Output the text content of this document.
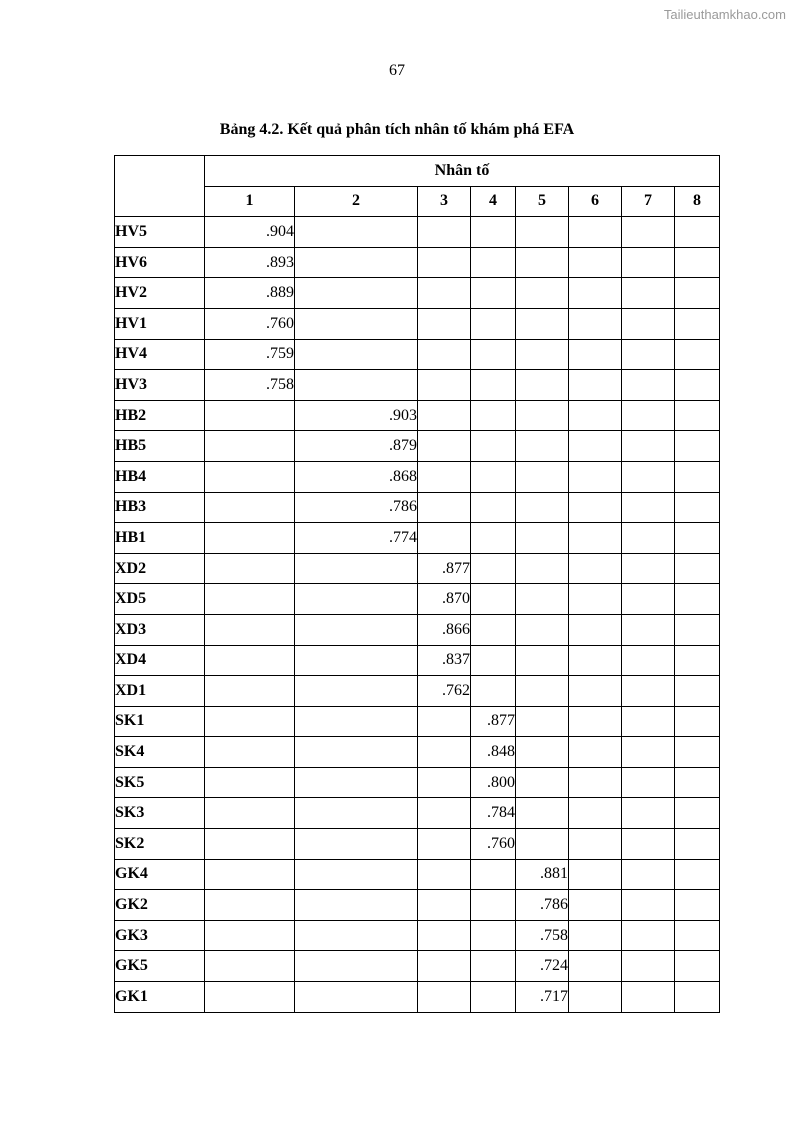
Tailieuthamkhao.com
67
Bảng 4.2. Kết quả phân tích nhân tố khám phá EFA
	Nhân tố							
	1	2	3	4	5	6	7	8
HV5	.904							
HV6	.893							
HV2	.889							
HV1	.760							
HV4	.759							
HV3	.758							
HB2		.903						
HB5		.879						
HB4		.868						
HB3		.786						
HB1		.774						
XD2			.877					
XD5			.870					
XD3			.866					
XD4			.837					
XD1			.762					
SK1				.877				
SK4				.848				
SK5				.800				
SK3				.784				
SK2				.760				
GK4					.881			
GK2					.786			
GK3					.758			
GK5					.724			
GK1					.717			
